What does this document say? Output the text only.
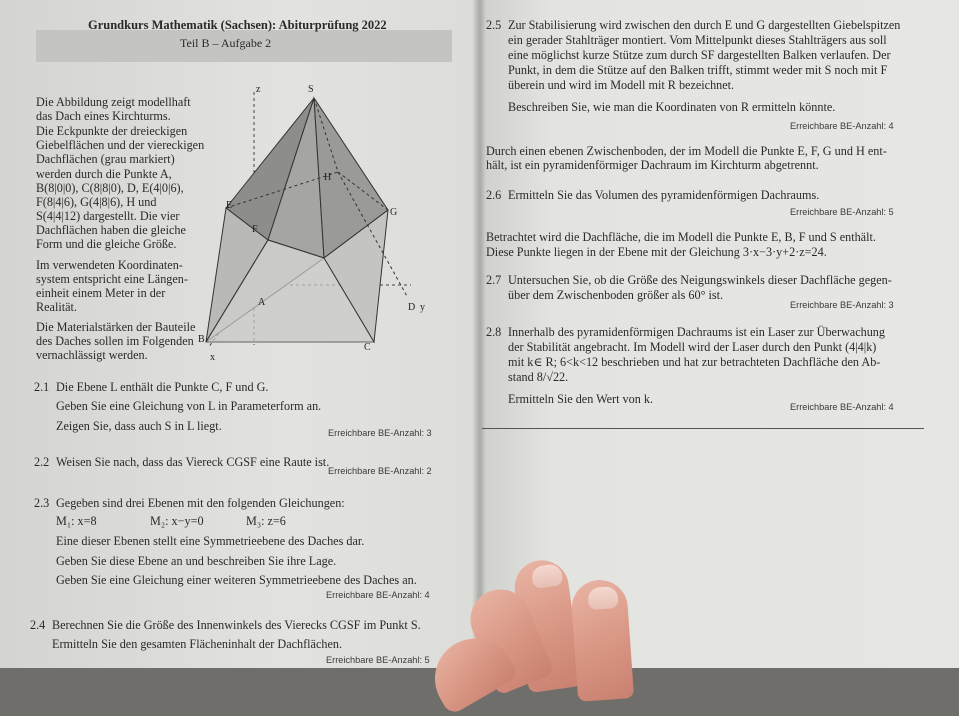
Grundkurs Mathematik (Sachsen): Abiturprüfung 2022
Teil B – Aufgabe 2
Die Abbildung zeigt modellhaft
das Dach eines Kirchturms.
Die Eckpunkte der dreieckigen
Giebelflächen und der viereckigen
Dachflächen (grau markiert)
werden durch die Punkte A,
B(8|0|0), C(8|8|0), D, E(4|0|6),
F(8|4|6), G(4|8|6), H und
S(4|4|12) dargestellt. Die vier
Dachflächen haben die gleiche
Form und die gleiche Größe.
Im verwendeten Koordinaten-
system entspricht eine Längen-
einheit einem Meter in der
Realität.
Die Materialstärken der Bauteile
des Daches sollen im Folgenden
vernachlässigt werden.
z	S
H
E
G
F
A	D y
B
C
x
2.1 Die Ebene L enthält die Punkte C, F und G.
Geben Sie eine Gleichung von L in Parameterform an.
Zeigen Sie, dass auch S in L liegt.	Erreichbare BE-Anzahl: 3
2.2 Weisen Sie nach, dass das Viereck CGSF eine Raute ist.
Erreichbare BE-Anzahl: 2
2.3 Gegeben sind drei Ebenen mit den folgenden Gleichungen:
M₁: x=8	M₂: x−y=0	M₃: z=6
Eine dieser Ebenen stellt eine Symmetrieebene des Daches dar.
Geben Sie diese Ebene an und beschreiben Sie ihre Lage.
Geben Sie eine Gleichung einer weiteren Symmetrieebene des Daches an.
Erreichbare BE-Anzahl: 4
2.4 Berechnen Sie die Größe des Innenwinkels des Vierecks CGSF im Punkt S.
Ermitteln Sie den gesamten Flächeninhalt der Dachflächen.
Erreichbare BE-Anzahl: 5
2.5 Zur Stabilisierung wird zwischen den durch E und G dargestellten Giebelspitzen
ein gerader Stahlträger montiert. Vom Mittelpunkt dieses Stahlträgers aus soll
eine möglichst kurze Stütze zum durch SF dargestellten Balken verlaufen. Der
Punkt, in dem die Stütze auf den Balken trifft, stimmt weder mit S noch mit F
überein und wird im Modell mit R bezeichnet.
Beschreiben Sie, wie man die Koordinaten von R ermitteln könnte.
Erreichbare BE-Anzahl: 4
Durch einen ebenen Zwischenboden, der im Modell die Punkte E, F, G und H ent-
hält, ist ein pyramidenförmiger Dachraum im Kirchturm abgetrennt.
2.6 Ermitteln Sie das Volumen des pyramidenförmigen Dachraums.
Erreichbare BE-Anzahl: 5
Betrachtet wird die Dachfläche, die im Modell die Punkte E, B, F und S enthält.
Diese Punkte liegen in der Ebene mit der Gleichung 3·x−3·y+2·z=24.
2.7 Untersuchen Sie, ob die Größe des Neigungswinkels dieser Dachfläche gegen-
über dem Zwischenboden größer als 60° ist.
Erreichbare BE-Anzahl: 3
2.8 Innerhalb des pyramidenförmigen Dachraums ist ein Laser zur Überwachung
der Stabilität angebracht. Im Modell wird der Laser durch den Punkt (4|4|k)
mit k∈ R; 6<k<12 beschrieben und hat zur betrachteten Dachfläche den Ab-
stand 8/√22.
Ermitteln Sie den Wert von k.
Erreichbare BE-Anzahl: 4
